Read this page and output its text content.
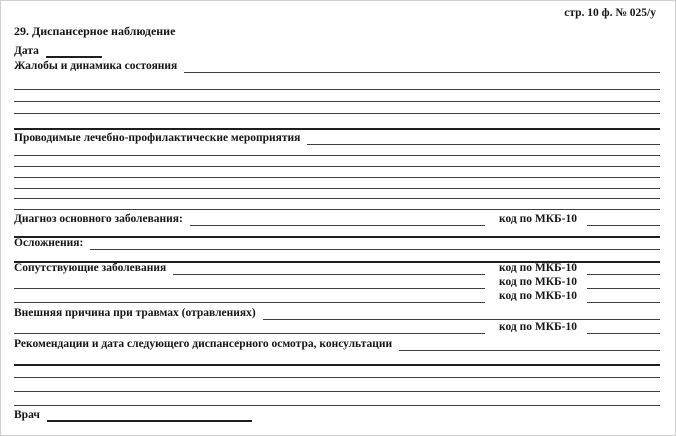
стр. 10 ф. № 025/у
29. Диспансерное наблюдение
Дата
Жалобы и динамика состояния
Проводимые лечебно-профилактические мероприятия
Диагноз основного заболевания:	код по МКБ-10
Осложнения:
Сопутствующие заболевания	код по МКБ-10
код по МКБ-10
код по МКБ-10
Внешняя причина при травмах (отравлениях)
код по МКБ-10
Рекомендации и дата следующего диспансерного осмотра, консультации
Врач
